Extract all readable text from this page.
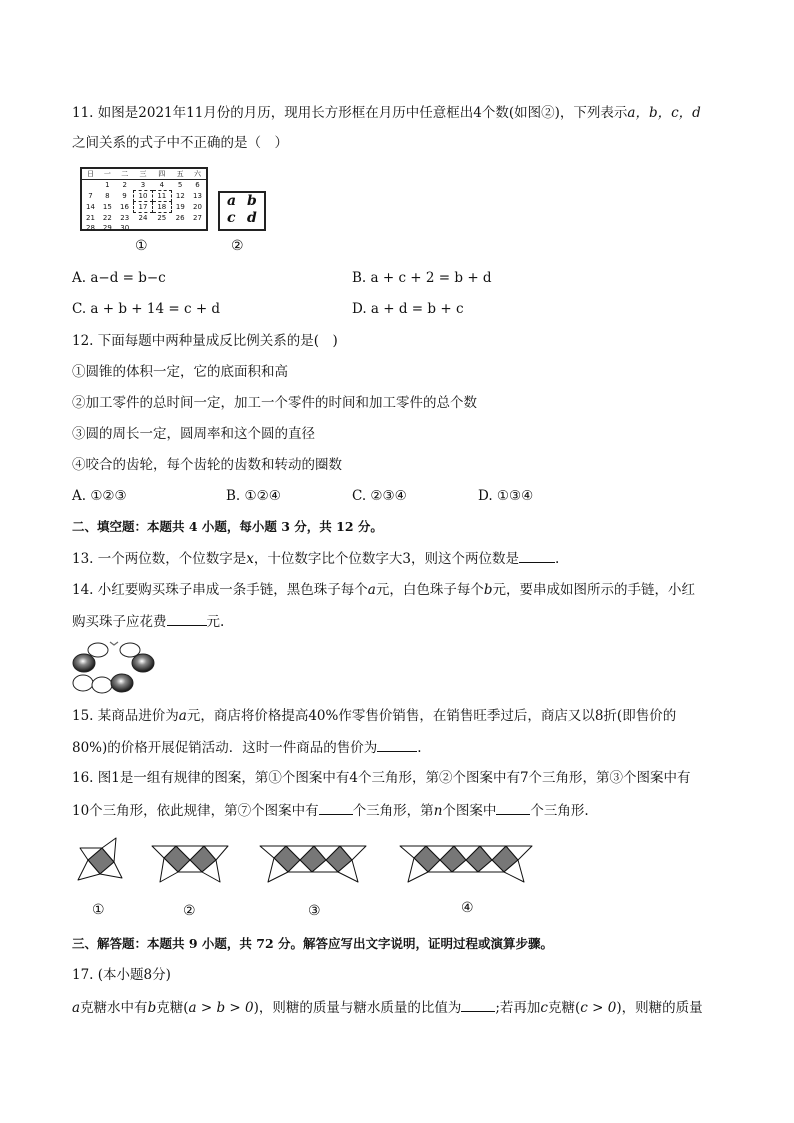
11. 如图是2021年11月份的月历，现用长方形框在月历中任意框出4个数(如图②)，下列表示a，b，c，d
之间关系的式子中不正确的是（　）
日	一	二	三	四	五	六
	1	2	3	4	5	6
7	8	9	10	11	12	13
14	15	16	17	18	19	20
21	22	23	24	25	26	27
28	29	30				
a b
c d
①	②
A. a−d = b−c	B. a + c + 2 = b + d
C. a + b + 14 = c + d	D. a + d = b + c
12. 下面每题中两种量成反比例关系的是(　)
①圆锥的体积一定，它的底面积和高
②加工零件的总时间一定，加工一个零件的时间和加工零件的总个数
③圆的周长一定，圆周率和这个圆的直径
④咬合的齿轮，每个齿轮的齿数和转动的圈数
A. ①②③	B. ①②④	C. ②③④	D. ①③④
二、填空题：本题共 4 小题，每小题 3 分，共 12 分。
13. 一个两位数，个位数字是x，十位数字比个位数字大3，则这个两位数是	.
14. 小红要购买珠子串成一条手链，黑色珠子每个a元，白色珠子每个b元，要串成如图所示的手链，小红
购买珠子应花费	元.
15. 某商品进价为a元，商店将价格提高40%作零售价销售，在销售旺季过后，商店又以8折(即售价的
80%)的价格开展促销活动．这时一件商品的售价为	.
16. 图1是一组有规律的图案，第①个图案中有4个三角形，第②个图案中有7个三角形，第③个图案中有
10个三角形，依此规律，第⑦个图案中有	个三角形，第n个图案中	个三角形.
①	②	③	④
三、解答题：本题共 9 小题，共 72 分。解答应写出文字说明，证明过程或演算步骤。
17. (本小题8分)
a克糖水中有b克糖(a > b > 0)，则糖的质量与糖水质量的比值为	;若再加c克糖(c > 0)，则糖的质量
